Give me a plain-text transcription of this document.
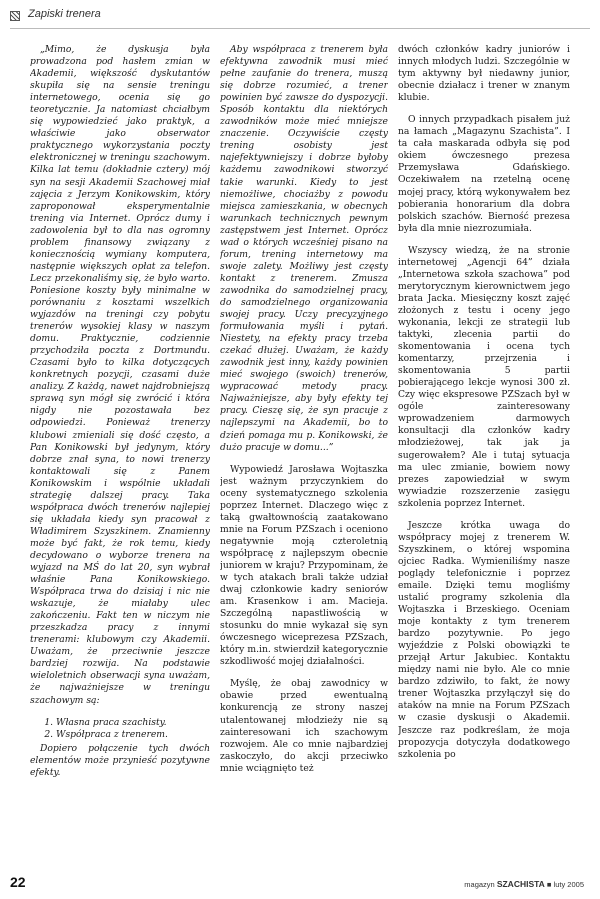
Zapiski trenera

„Mimo, że dyskusja była prowadzona pod hasłem zmian w Akademii, większość dyskutantów skupiła się na sensie treningu internetowego, ocenia się go teoretycznie. Ja natomiast chciałbym się wypowiedzieć jako praktyk, a właściwie jako obserwator praktycznego wykorzystania poczty elektronicznej w treningu szachowym. Kilka lat temu (dokładnie cztery) mój syn na sesji Akademii Szachowej miał zajęcia z Jerzym Konikowskim, który zaproponował eksperymentalnie trening via Internet. Oprócz dumy i zadowolenia był to dla nas ogromny problem finansowy związany z koniecznością wymiany komputera, następnie większych opłat za telefon. Lecz przekonaliśmy się, że było warto. Poniesione koszty były minimalne w porównaniu z kosztami wszelkich wyjazdów na treningi czy pobytu trenerów wysokiej klasy w naszym domu. Praktycznie, codziennie przychodziła poczta z Dortmundu. Czasami było to kilka dotyczących konkretnych pozycji, czasami duże analizy. Z każdą, nawet najdrobniejszą sprawą syn mógł się zwrócić i która nigdy nie pozostawała bez odpowiedzi. Ponieważ trenerzy klubowi zmieniali się dość często, a Pan Konikowski był jedynym, który dobrze znał syna, to nowi trenerzy kontaktowali się z Panem Konikowskim i wspólnie układali strategię dalszej pracy. Taka współpraca dwóch trenerów najlepiej się układała kiedy syn pracował z Władimirem Szyszkinem. Znamienny może być fakt, że rok temu, kiedy decydowano o wyborze trenera na wyjazd na MŚ do lat 20, syn wybrał właśnie Pana Konikowskiego. Współpraca trwa do dzisiaj i nic nie wskazuje, że miałaby ulec zakończeniu. Fakt ten w niczym nie przeszkadza pracy z innymi trenerami: klubowym czy Akademii. Uważam, że przeciwnie jeszcze bardziej rozwija. Na podstawie wieloletnich obserwacji syna uważam, że najważniejsze w treningu szachowym są:

1. Własna praca szachisty.
2. Współpraca z trenerem.

Dopiero połączenie tych dwóch elementów może przynieść pozytywne efekty.

Aby współpraca z trenerem była efektywna zawodnik musi mieć pełne zaufanie do trenera, muszą się dobrze rozumieć, a trener powinien być zawsze do dyspozycji. Sposób kontaktu dla niektórych zawodników może mieć mniejsze znaczenie. Oczywiście częsty trening osobisty jest najefektywniejszy i dobrze byłoby każdemu zawodnikowi stworzyć takie warunki. Kiedy to jest niemożliwe, chociażby z powodu miejsca zamieszkania, w obecnych warunkach technicznych pewnym zastępstwem jest Internet. Oprócz wad o których wcześniej pisano na forum, trening internetowy ma swoje zalety. Możliwy jest częsty kontakt z trenerem. Zmusza zawodnika do samodzielnej pracy, do samodzielnego organizowania swojej pracy. Uczy precyzyjnego formułowania myśli i pytań. Niestety, na efekty pracy trzeba czekać dłużej. Uważam, że każdy zawodnik jest inny, każdy powinien mieć swojego (swoich) trenerów, wypracować metody pracy. Najważniejsze, aby były efekty tej pracy. Cieszę się, że syn pracuje z najlepszymi na Akademii, bo to dzień pomaga mu p. Konikowski, że dużo pracuje w domu...”

Wypowiedź Jarosława Wojtaszka jest ważnym przyczynkiem do oceny systematycznego szkolenia poprzez Internet. Dlaczego więc z taką gwałtownością zaatakowano mnie na Forum PZSzach i oceniono negatywnie moją czteroletnią współpracę z najlepszym obecnie juniorem w kraju? Przypominam, że w tych atakach brali także udział dwaj członkowie kadry seniorów am. Krasenkow i am. Macieja. Szczególną napastliwością w stosunku do mnie wykazał się syn ówczesnego wiceprezesa PZSzach, który m.in. stwierdził kategorycznie szkodliwość mojej działalności.

Myślę, że obaj zawodnicy w obawie przed ewentualną konkurencją ze strony naszej utalentowanej młodzieży nie są zainteresowani ich szachowym rozwojem. Ale co mnie najbardziej zaskoczyło, do akcji przeciwko mnie wciągnięto też

dwóch członków kadry juniorów i innych młodych ludzi. Szczególnie w tym aktywny był niedawny junior, obecnie działacz i trener w znanym klubie.

O innych przypadkach pisałem już na łamach „Magazynu Szachista”. I ta cała maskarada odbyła się pod okiem ówczesnego prezesa Przemysława Gdańskiego. Oczekiwałem na rzetelną ocenę mojej pracy, którą wykonywałem bez pobierania honorarium dla dobra polskich szachów. Bierność prezesa była dla mnie niezrozumiała.

Wszyscy wiedzą, że na stronie internetowej „Agencji 64” działa „Internetowa szkoła szachowa” pod merytorycznym kierownictwem jego brata Jacka. Miesięczny koszt zajęć złożonych z testu i oceny jego wykonania, lekcji ze strategii lub taktyki, zlecenia partii do skomentowania i ocena tych komentarzy, przejrzenia i skomentowania 5 partii pobierającego lekcje wynosi 300 zł. Czy więc ekspresowe PZSzach był w ogóle zainteresowany wprowadzeniem darmowych konsultacji dla członków kadry młodzieżowej, tak jak ja sugerowałem? Ale i tutaj sytuacja ma ulec zmianie, bowiem nowy prezes zapowiedział w swym wywiadzie rozszerzenie zasięgu szkolenia poprzez Internet.

Jeszcze krótka uwaga do współpracy mojej z trenerem W. Szyszkinem, o której wspomina ojciec Radka. Wymieniliśmy nasze poglądy telefonicznie i poprzez emaile. Dzięki temu mogliśmy ustalić programy szkolenia dla Wojtaszka i Brzeskiego. Oceniam moje kontakty z tym trenerem bardzo pozytywnie. Po jego wyjeździe z Polski obowiązki te przejął Artur Jakubiec. Kontaktu między nami nie było. Ale co mnie bardzo zdziwiło, to fakt, że nowy trener Wojtaszka przyłączył się do ataków na mnie na Forum PZSzach w czasie dyskusji o Akademii. Jeszcze raz podkreślam, że moja propozycja dotyczyła dodatkowego szkolenia po

22	magazyn SZACHISTA ■ luty 2005
